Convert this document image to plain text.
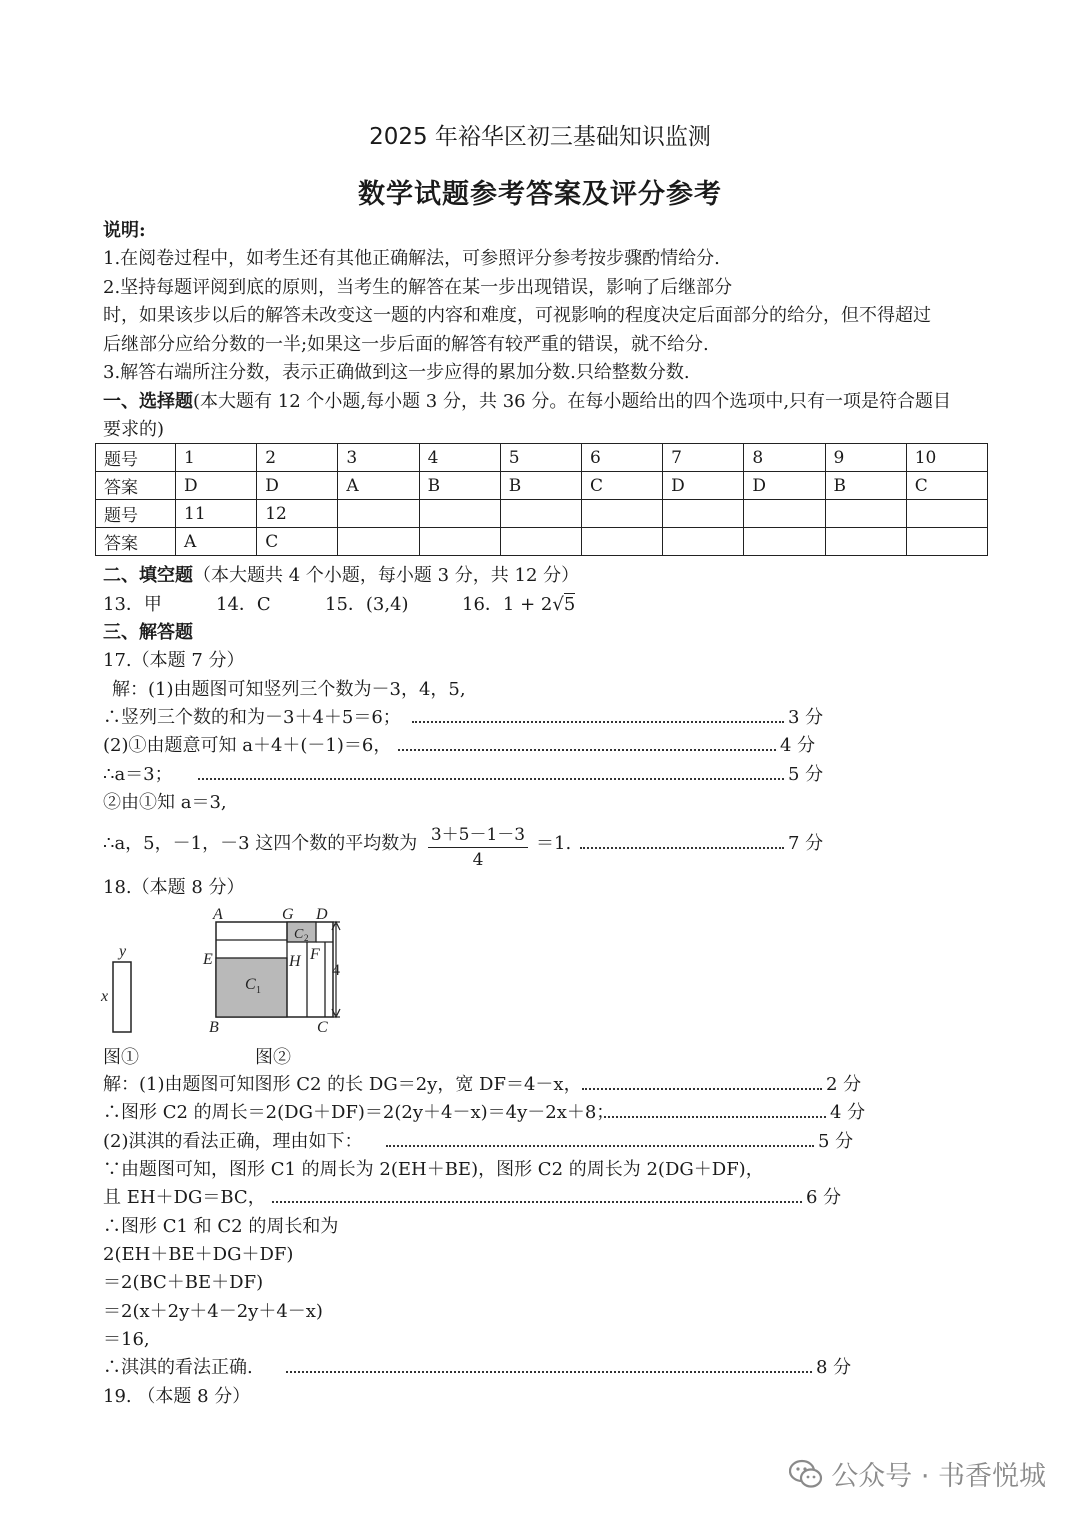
2025 年裕华区初三基础知识监测
数学试题参考答案及评分参考
说明:
1.在阅卷过程中，如考生还有其他正确解法，可参照评分参考按步骤酌情给分.
2.坚持每题评阅到底的原则，当考生的解答在某一步出现错误，影响了后继部分
时，如果该步以后的解答未改变这一题的内容和难度，可视影响的程度决定后面部分的给分，但不得超过
后继部分应给分数的一半;如果这一步后面的解答有较严重的错误，就不给分.
3.解答右端所注分数，表示正确做到这一步应得的累加分数.只给整数分数.
一、选择题(本大题有 12 个小题,每小题 3 分，共 36 分。在每小题给出的四个选项中,只有一项是符合题目
要求的)
题号	1	2	3	4	5	6	7	8	9	10
答案	D	D	A	B	B	C	D	D	B	C
题号	11	12								
答案	A	C								
二、填空题（本大题共 4 个小题，每小题 3 分，共 12 分）
13．甲	14．C	15．(3,4)	16．1 + 2√5
三、解答题
17.（本题 7 分）
解：(1)由题图可知竖列三个数为－3，4，5,
∴竖列三个数的和为－3＋4＋5＝6；	3 分
(2)①由题意可知 a＋4＋(－1)＝6，	4 分
∴a＝3；	5 分
②由①知 a＝3,
∴a，5，－1，－3 这四个数的平均数为 $\frac{3+5-1-3}{4} =1$.	7 分
18.（本题 8 分）
y
x
A	G D
E	H F
B	C
4
C 1
C 2
图①	图②
解：(1)由题图可知图形 C2 的长 DG＝2y，宽 DF＝4－x，	2 分
∴图形 C2 的周长＝2(DG＋DF)＝2(2y＋4－x)＝4y－2x＋8；	4 分
(2)淇淇的看法正确，理由如下：	5 分
∵由题图可知，图形 C1 的周长为 2(EH＋BE)，图形 C2 的周长为 2(DG＋DF)，
且 EH＋DG＝BC，	6 分
∴图形 C1 和 C2 的周长和为
2(EH＋BE＋DG＋DF)
＝2(BC＋BE＋DF)
＝2(x＋2y＋4－2y＋4－x)
＝16,
∴淇淇的看法正确.	8 分
19. （本题 8 分）
公众号 · 书香悦城
